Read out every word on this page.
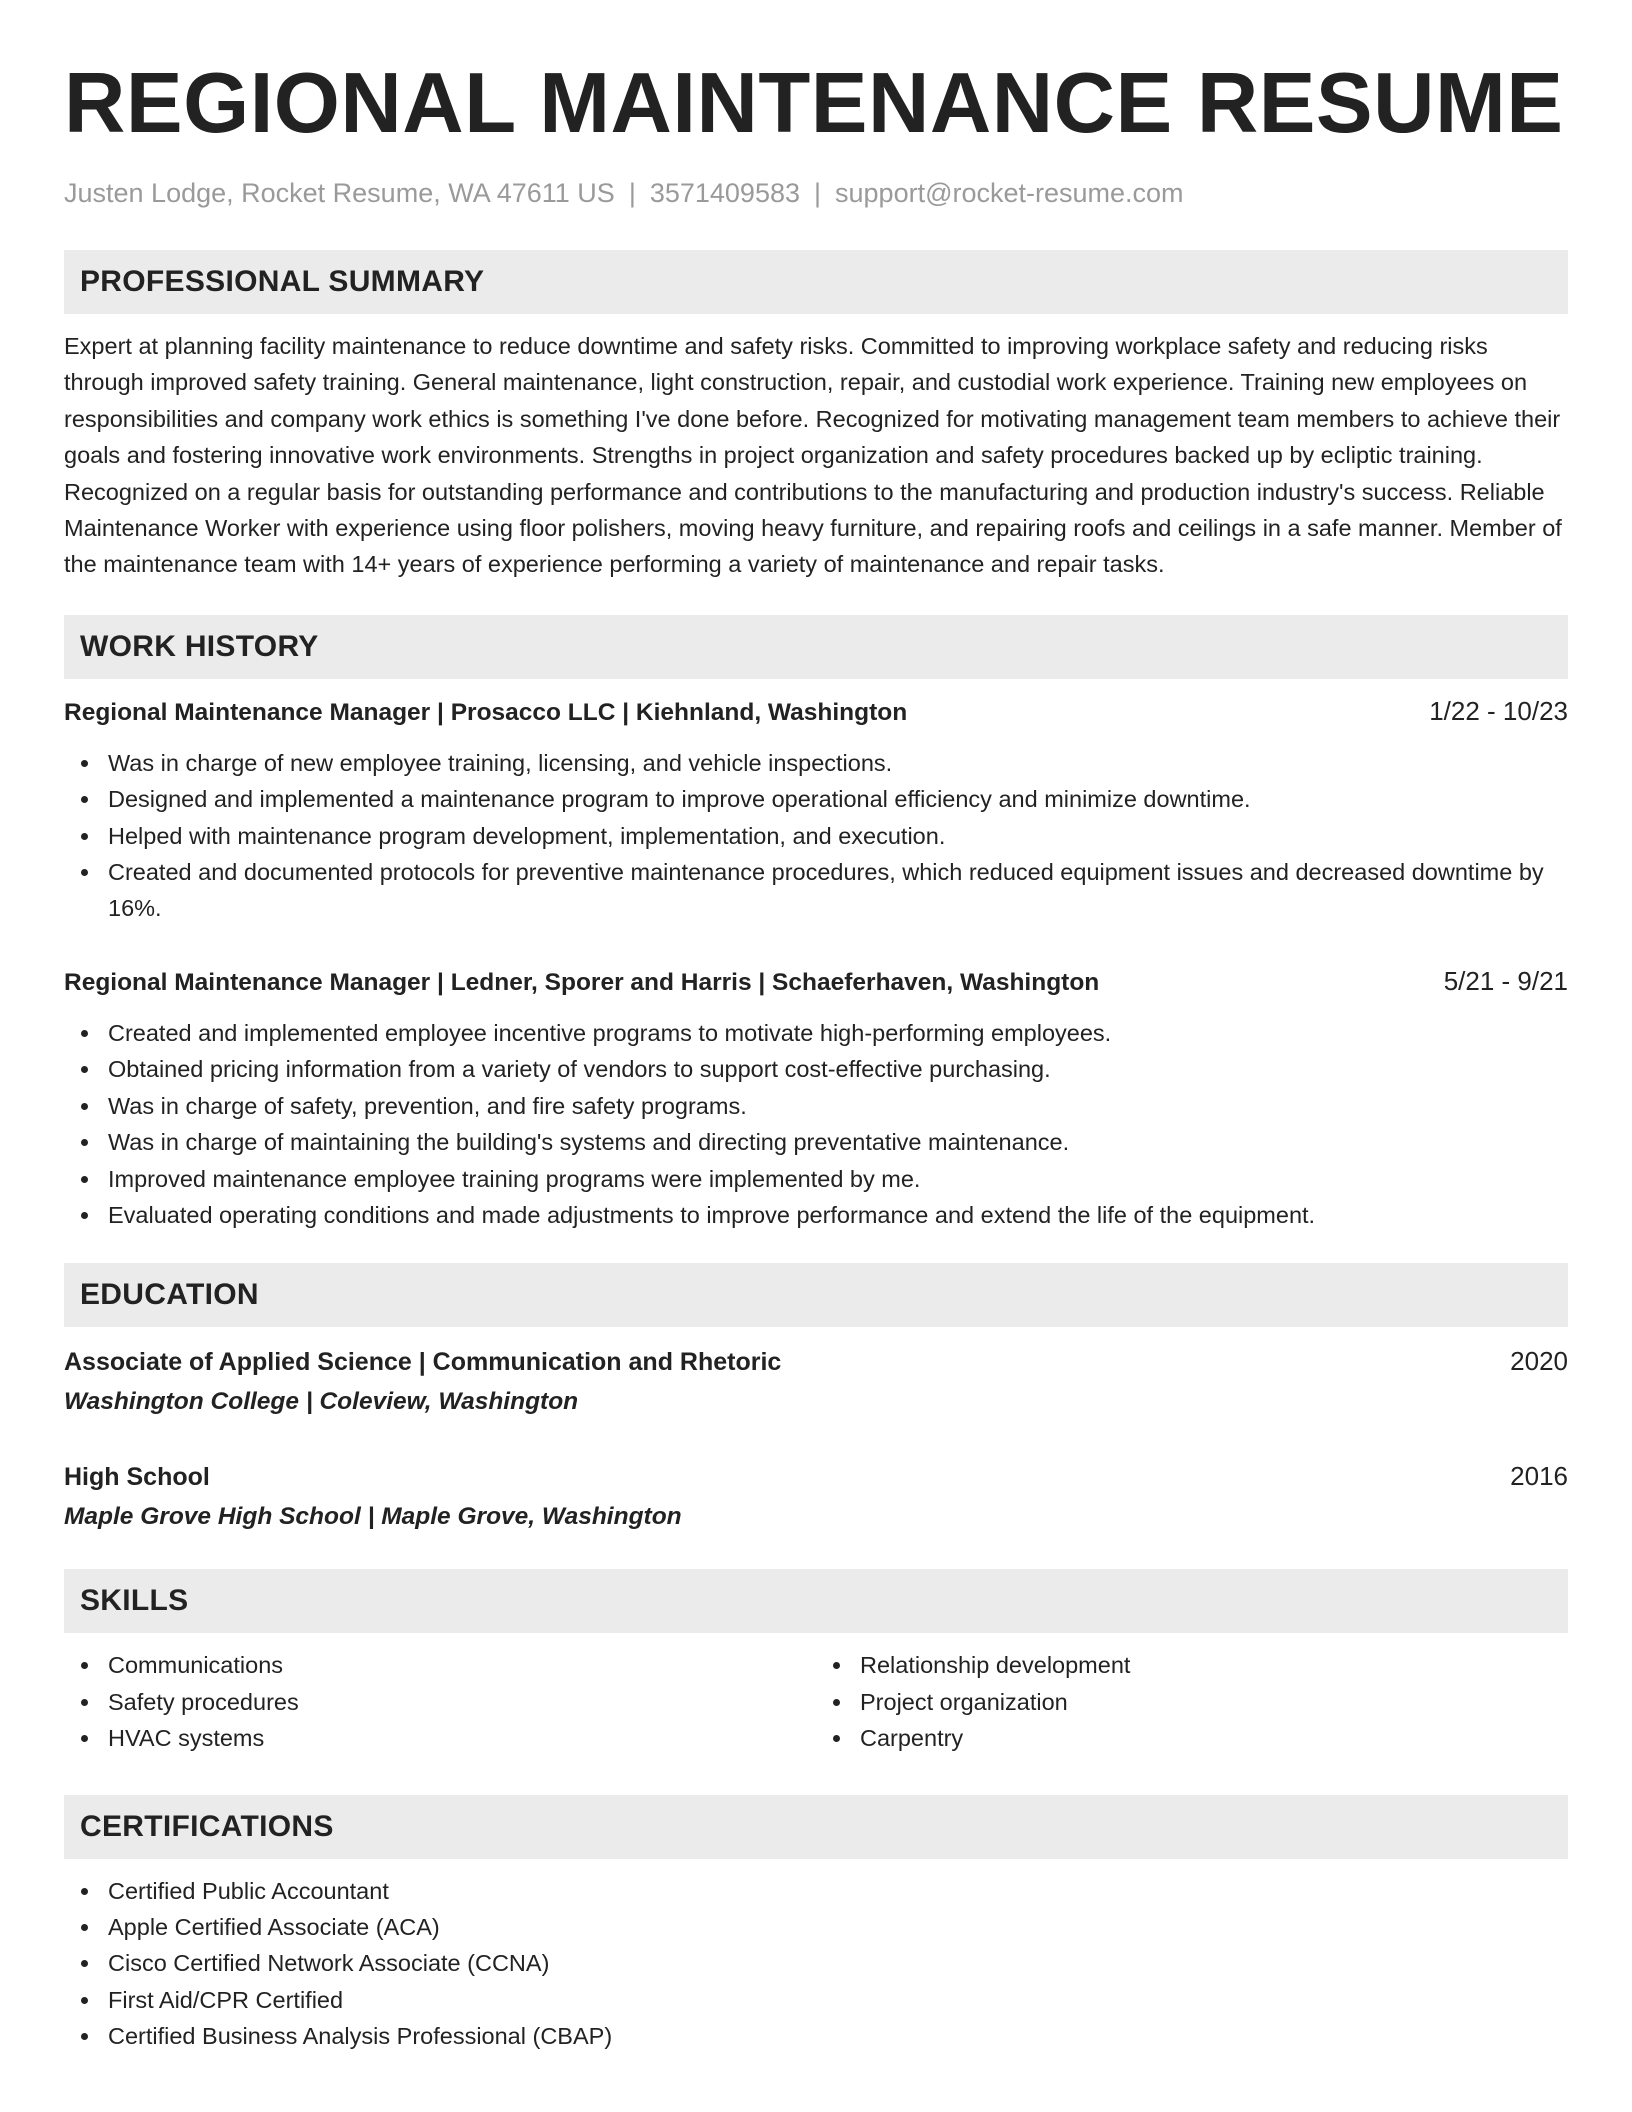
REGIONAL MAINTENANCE RESUME
Justen Lodge, Rocket Resume, WA 47611 US | 3571409583 | support@rocket-resume.com
PROFESSIONAL SUMMARY

Expert at planning facility maintenance to reduce downtime and safety risks. Committed to improving workplace safety and reducing risks through improved safety training. General maintenance, light construction, repair, and custodial work experience. Training new employees on responsibilities and company work ethics is something I've done before. Recognized for motivating management team members to achieve their goals and fostering innovative work environments. Strengths in project organization and safety procedures backed up by ecliptic training. Recognized on a regular basis for outstanding performance and contributions to the manufacturing and production industry's success. Reliable Maintenance Worker with experience using floor polishers, moving heavy furniture, and repairing roofs and ceilings in a safe manner. Member of the maintenance team with 14+ years of experience performing a variety of maintenance and repair tasks.

WORK HISTORY
Regional Maintenance Manager | Prosacco LLC | Kiehnland, Washington	1/22 - 10/23
Was in charge of new employee training, licensing, and vehicle inspections.
Designed and implemented a maintenance program to improve operational efficiency and minimize downtime.
Helped with maintenance program development, implementation, and execution.
Created and documented protocols for preventive maintenance procedures, which reduced equipment issues and decreased downtime by 16%.
Regional Maintenance Manager | Ledner, Sporer and Harris | Schaeferhaven, Washington	5/21 - 9/21
Created and implemented employee incentive programs to motivate high-performing employees.
Obtained pricing information from a variety of vendors to support cost-effective purchasing.
Was in charge of safety, prevention, and fire safety programs.
Was in charge of maintaining the building's systems and directing preventative maintenance.
Improved maintenance employee training programs were implemented by me.
Evaluated operating conditions and made adjustments to improve performance and extend the life of the equipment.
EDUCATION
Associate of Applied Science | Communication and Rhetoric	2020
Washington College | Coleview, Washington
High School	2016
Maple Grove High School | Maple Grove, Washington
SKILLS
Communications
Safety procedures
HVAC systems
Relationship development
Project organization
Carpentry
CERTIFICATIONS
Certified Public Accountant
Apple Certified Associate (ACA)
Cisco Certified Network Associate (CCNA)
First Aid/CPR Certified
Certified Business Analysis Professional (CBAP)
